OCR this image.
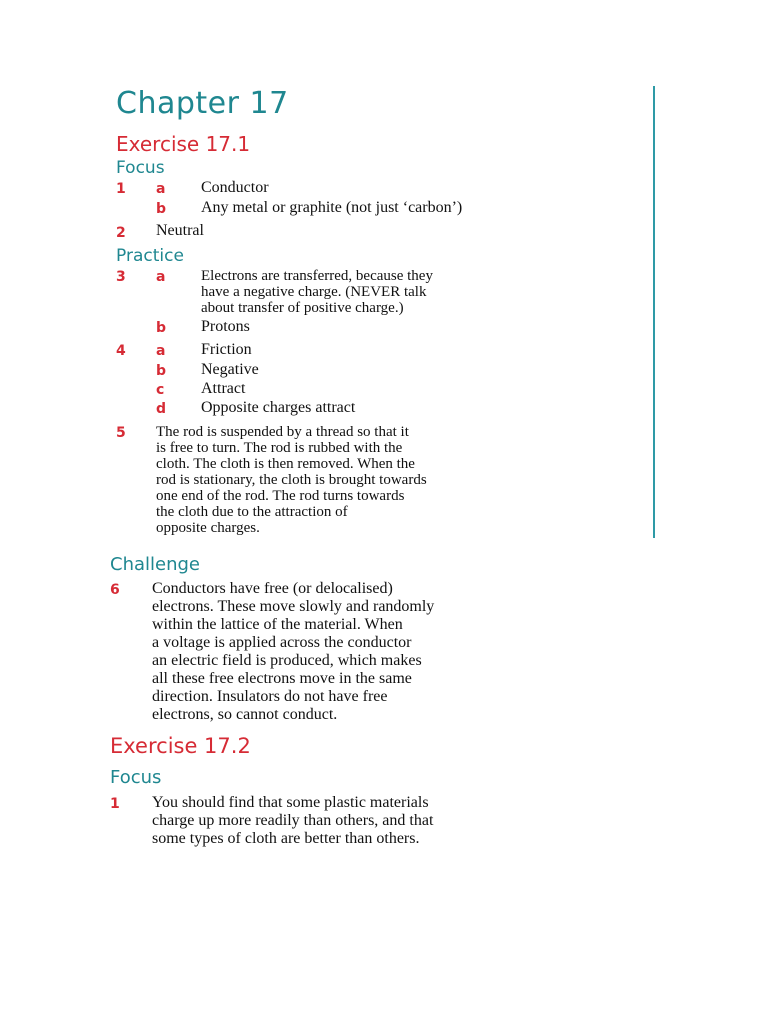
Chapter 17
Exercise 17.1
Focus
1 a Conductor
b Any metal or graphite (not just ‘carbon’)
2 Neutral
Practice
3 a Electrons are transferred, because they
have a negative charge. (NEVER talk
about transfer of positive charge.)
b Protons
4 a Friction
b Negative
c Attract
d Opposite charges attract
5 The rod is suspended by a thread so that it
is free to turn. The rod is rubbed with the
cloth. The cloth is then removed. When the
rod is stationary, the cloth is brought towards
one end of the rod. The rod turns towards
the cloth due to the attraction of
opposite charges.
Challenge
6 Conductors have free (or delocalised)
electrons. These move slowly and randomly
within the lattice of the material. When
a voltage is applied across the conductor
an electric field is produced, which makes
all these free electrons move in the same
direction. Insulators do not have free
electrons, so cannot conduct.
Exercise 17.2
Focus
1 You should find that some plastic materials
charge up more readily than others, and that
some types of cloth are better than others.
